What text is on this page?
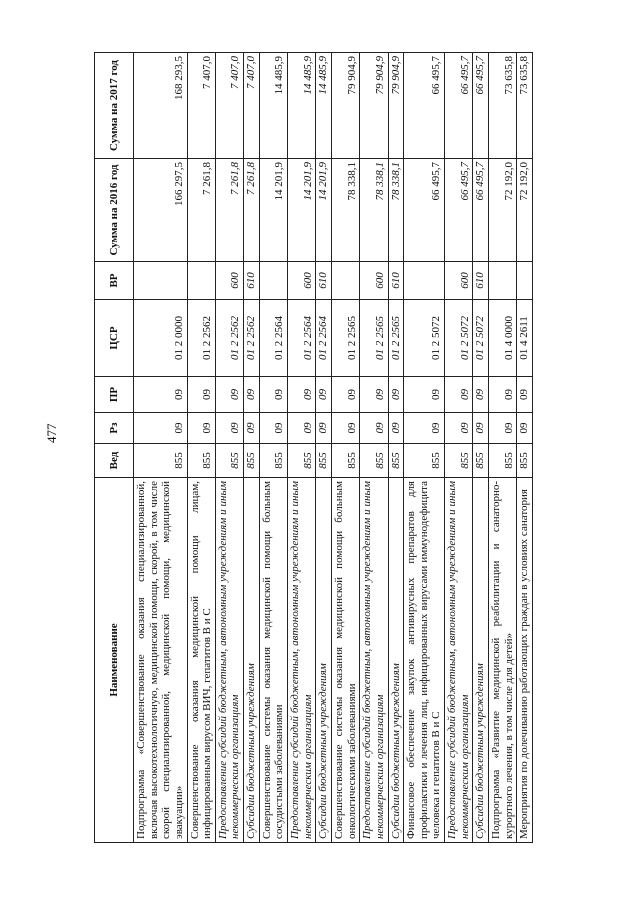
477
Наименование	Вед	Рз	ПР	ЦСР	ВР	Сумма на 2016 год	Сумма на 2017 год
Подпрограмма «Совершенствование оказания специализированной, включая высокотехнологичную, медицинской помощи, скорой, в том числе скорой специализированной, медицинской помощи, медицинской эвакуации»	855	09	09	01 2 0000		166 297,5	168 293,5
Совершенствование оказания медицинской помощи лицам, инфицированным вирусом ВИЧ, гепатитов В и С	855	09	09	01 2 2562		7 261,8	7 407,0
Предоставление субсидий бюджетным, автономным учреждениям и иным некоммерческим организациям	855	09	09	01 2 2562	600	7 261,8	7 407,0
Субсидии бюджетным учреждениям	855	09	09	01 2 2562	610	7 261,8	7 407,0
Совершенствование системы оказания медицинской помощи больным сосудистыми заболеваниями	855	09	09	01 2 2564		14 201,9	14 485,9
Предоставление субсидий бюджетным, автономным учреждениям и иным некоммерческим организациям	855	09	09	01 2 2564	600	14 201,9	14 485,9
Субсидии бюджетным учреждениям	855	09	09	01 2 2564	610	14 201,9	14 485,9
Совершенствование системы оказания медицинской помощи больным онкологическими заболеваниями	855	09	09	01 2 2565		78 338,1	79 904,9
Предоставление субсидий бюджетным, автономным учреждениям и иным некоммерческим организациям	855	09	09	01 2 2565	600	78 338,1	79 904,9
Субсидии бюджетным учреждениям	855	09	09	01 2 2565	610	78 338,1	79 904,9
Финансовое обеспечение закупок антивирусных препаратов для профилактики и лечения лиц, инфицированных вирусами иммунодефицита человека и гепатитов В и С	855	09	09	01 2 5072		66 495,7	66 495,7
Предоставление субсидий бюджетным, автономным учреждениям и иным некоммерческим организациям	855	09	09	01 2 5072	600	66 495,7	66 495,7
Субсидии бюджетным учреждениям	855	09	09	01 2 5072	610	66 495,7	66 495,7
Подпрограмма «Развитие медицинской реабилитации и санаторно-курортного лечения, в том числе для детей»	855	09	09	01 4 0000		72 192,0	73 635,8
Мероприятия по долечиванию работающих граждан в условиях санатория	855	09	09	01 4 2611		72 192,0	73 635,8
